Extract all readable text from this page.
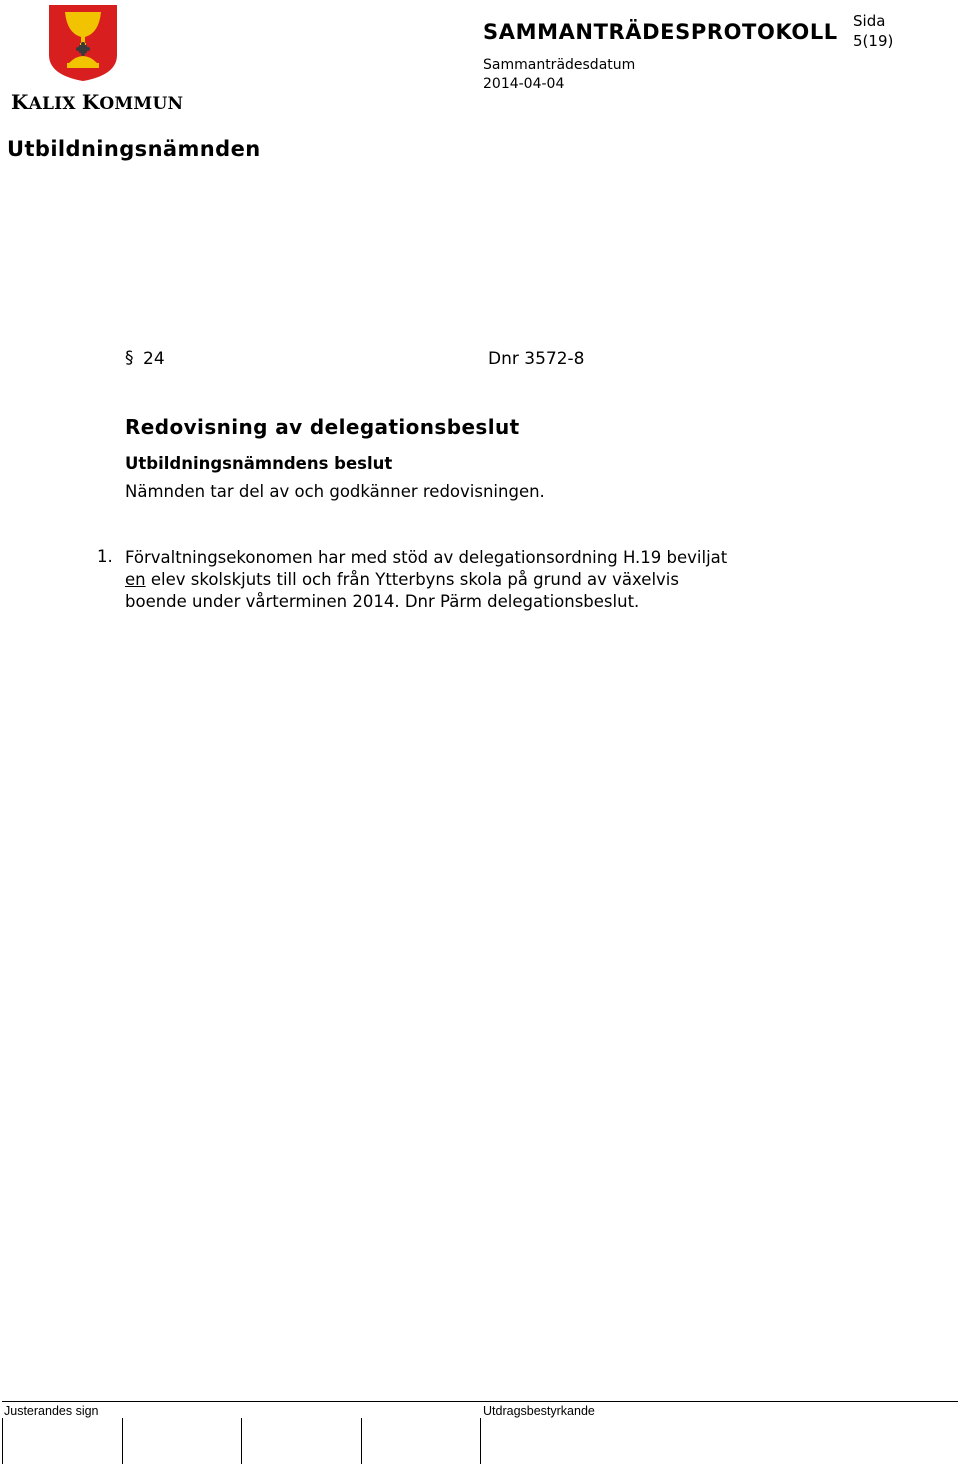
KALIX KOMMUN
SAMMANTRÄDESPROTOKOLL Sida
5(19)
Sammanträdesdatum
2014-04-04
Utbildningsnämnden
§ 24	Dnr 3572-8
Redovisning av delegationsbeslut
Utbildningsnämndens beslut
Nämnden tar del av och godkänner redovisningen.
1. Förvaltningsekonomen har med stöd av delegationsordning H.19 beviljat
en elev skolskjuts till och från Ytterbyns skola på grund av växelvis
boende under vårterminen 2014. Dnr Pärm delegationsbeslut.
Justerandes sign	Utdragsbestyrkande
